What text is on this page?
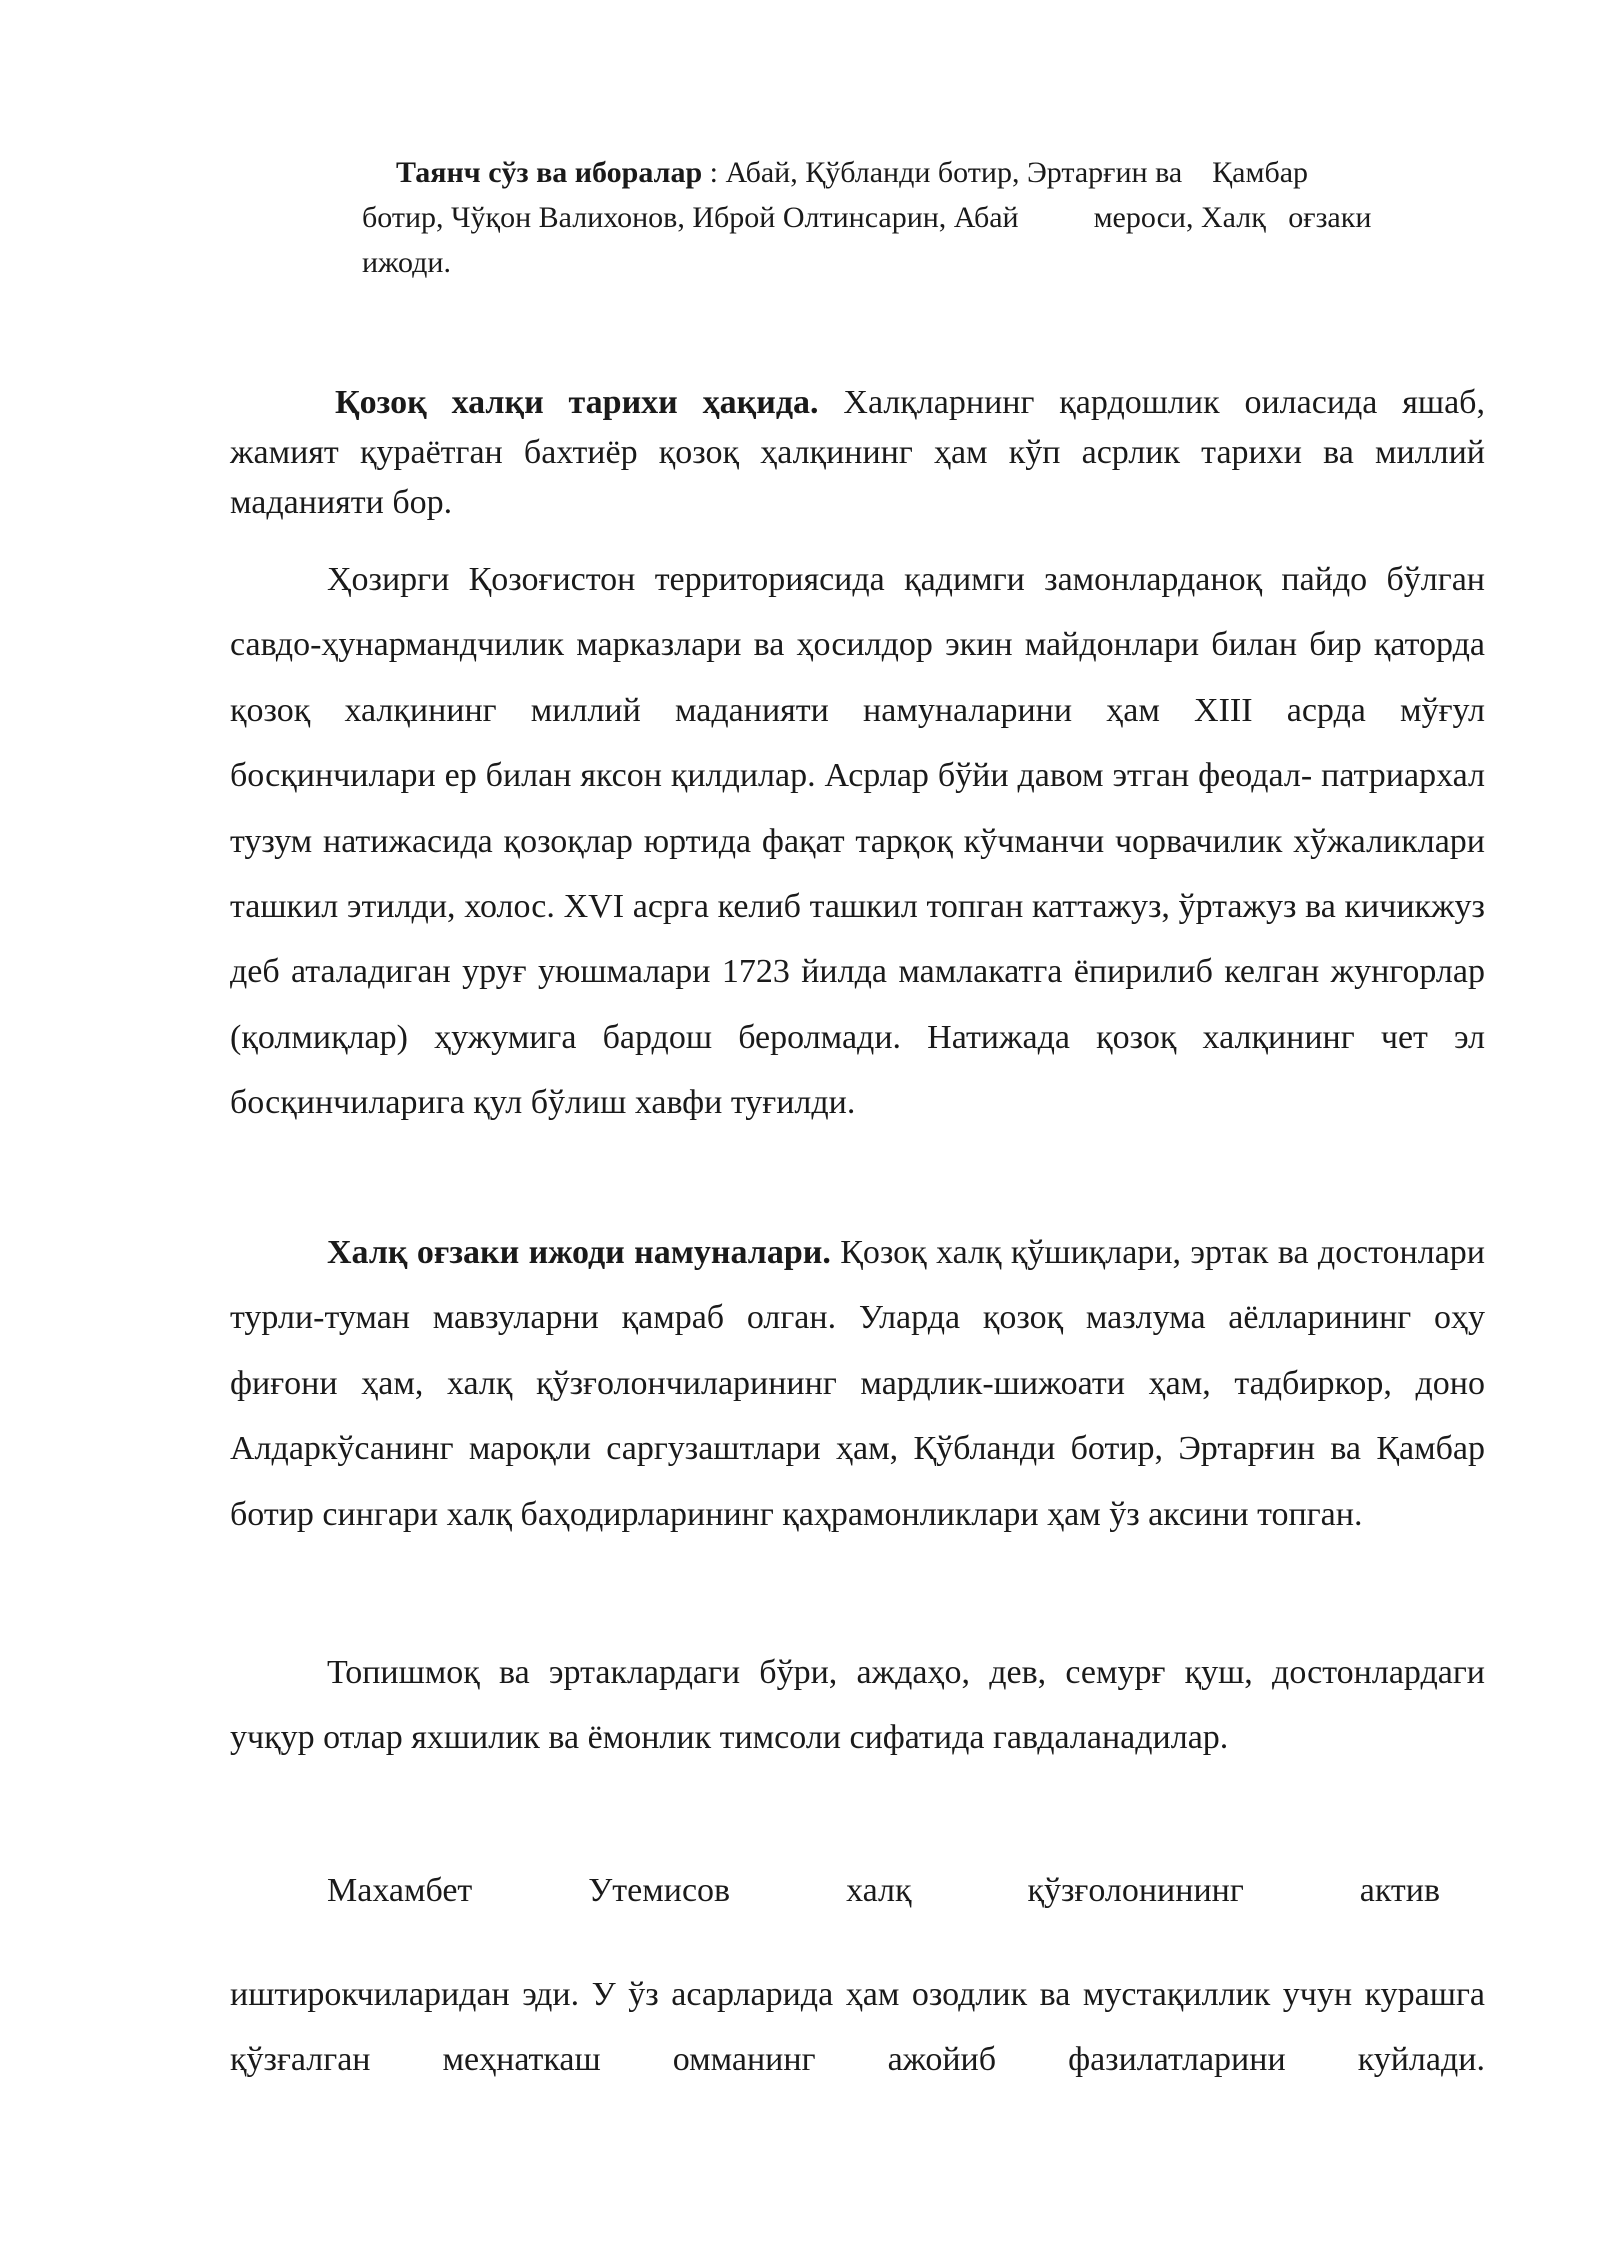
Таянч сўз ва иборалар : Абай, Қўбланди ботир, Эртарғин ва    Қамбар
ботир, Чўқон Валихонов, Иброй Олтинсарин, Абай          мероси, Халқ   оғзаки
ижоди.

Қозоқ халқи тарихи ҳақида. Халқларнинг қардошлик оиласида яшаб, жамият қураётган бахтиёр қозоқ ҳалқининг ҳам кўп асрлик тарихи ва миллий маданияти бор.

Ҳозирги Қозоғистон территориясида қадимги замонларданоқ пайдо бўлган савдо-ҳунармандчилик марказлари ва ҳосилдор экин майдонлари билан бир қаторда қозоқ халқининг миллий маданияти намуналарини ҳам XIII асрда мўғул босқинчилари ер билан яксон қилдилар. Асрлар бўйи давом этган феодал- патриархал тузум натижасида қозоқлар юртида фақат тарқоқ кўчманчи чорвачилик хўжаликлари ташкил этилди, холос. XVI асрга келиб ташкил топган каттажуз, ўртажуз ва кичикжуз деб аталадиган уруғ уюшмалари 1723 йилда мамлакатга ёпирилиб келган жунгорлар (қолмиқлар) ҳужумига бардош беролмади. Натижада қозоқ халқининг чет эл босқинчиларига қул бўлиш хавфи туғилди.

Халқ оғзаки ижоди намуналари. Қозоқ халқ қўшиқлари, эртак ва достонлари турли-туман мавзуларни қамраб олган. Уларда қозоқ мазлума аёлларининг оҳу фиғони ҳам, халқ қўзғолончиларининг мардлик-шижоати ҳам, тадбиркор, доно Алдаркўсанинг мароқли саргузаштлари ҳам, Қўбланди ботир, Эртарғин ва Қамбар ботир сингари халқ баҳодирларининг қаҳрамонликлари ҳам ўз аксини топган.

Топишмоқ ва эртаклардаги бўри, аждаҳо, дев, семурғ қуш, достонлардаги учқур отлар яхшилик ва ёмонлик тимсоли сифатида гавдаланадилар.

Махамбет Утемисов халқ қўзғолонининг актив

иштирокчиларидан эди. У ўз асарларида ҳам озодлик ва мустақиллик учун курашга қўзғалган меҳнаткаш омманинг ажойиб фазилатларини куйлади.
